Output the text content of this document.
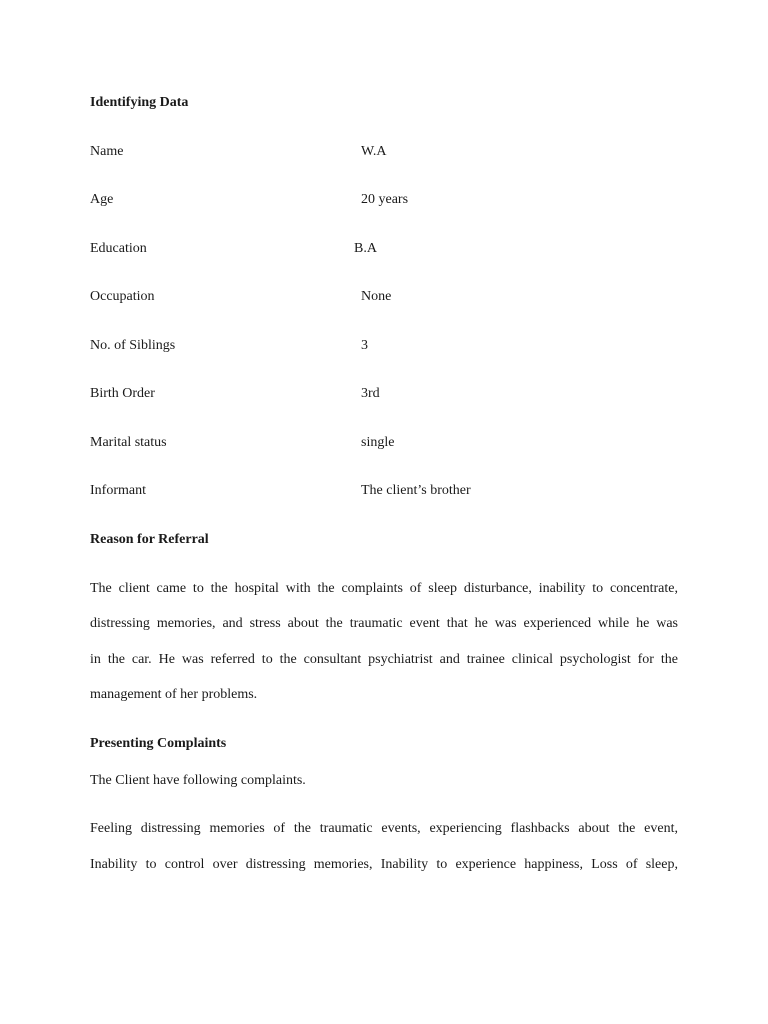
Identifying Data
Name	W.A
Age	20 years
Education	B.A
Occupation	None
No. of Siblings	3
Birth Order	3rd
Marital status	single
Informant	The client’s brother
Reason for Referral
The client came to the hospital with the complaints of sleep disturbance, inability to concentrate,
distressing memories, and stress about the traumatic event that he was experienced while he was
in the car. He was referred to the consultant psychiatrist and trainee clinical psychologist for the
management of her problems.
Presenting Complaints
The Client have following complaints.
Feeling distressing memories of the traumatic events, experiencing flashbacks about the event,
Inability to control over distressing memories, Inability to experience happiness, Loss of sleep,
